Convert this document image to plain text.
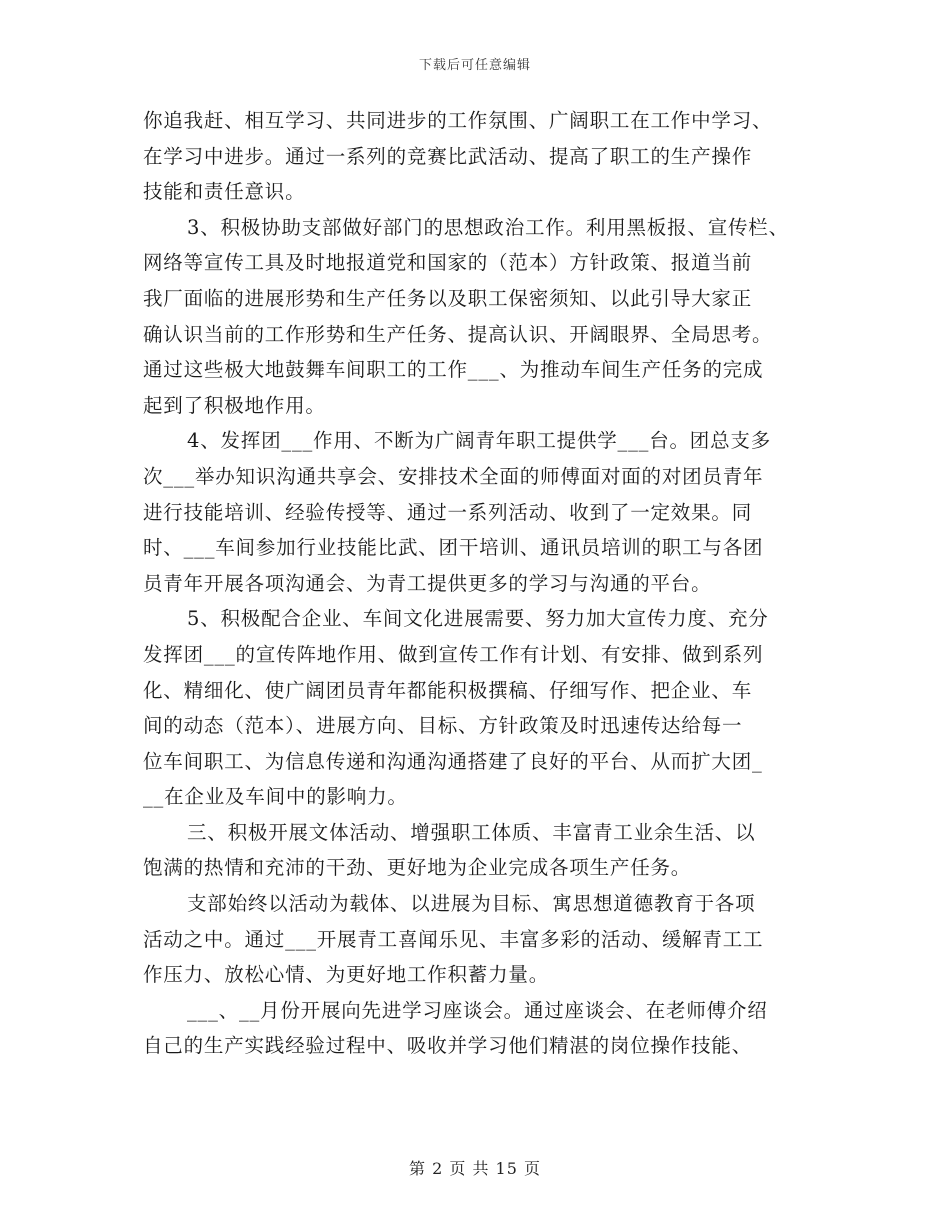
下载后可任意编辑
你追我赶、相互学习、共同进步的工作氛围、广阔职工在工作中学习、
在学习中进步。通过一系列的竞赛比武活动、提高了职工的生产操作
技能和责任意识。
3、积极协助支部做好部门的思想政治工作。利用黑板报、宣传栏、
网络等宣传工具及时地报道党和国家的（范本）方针政策、报道当前
我厂面临的进展形势和生产任务以及职工保密须知、以此引导大家正
确认识当前的工作形势和生产任务、提高认识、开阔眼界、全局思考。
通过这些极大地鼓舞车间职工的工作___、为推动车间生产任务的完成
起到了积极地作用。
4、发挥团___作用、不断为广阔青年职工提供学___台。团总支多
次___举办知识沟通共享会、安排技术全面的师傅面对面的对团员青年
进行技能培训、经验传授等、通过一系列活动、收到了一定效果。同
时、___车间参加行业技能比武、团干培训、通讯员培训的职工与各团
员青年开展各项沟通会、为青工提供更多的学习与沟通的平台。
5、积极配合企业、车间文化进展需要、努力加大宣传力度、充分
发挥团___的宣传阵地作用、做到宣传工作有计划、有安排、做到系列
化、精细化、使广阔团员青年都能积极撰稿、仔细写作、把企业、车
间的动态（范本）、进展方向、目标、方针政策及时迅速传达给每一
位车间职工、为信息传递和沟通沟通搭建了良好的平台、从而扩大团_
__在企业及车间中的影响力。
三、积极开展文体活动、增强职工体质、丰富青工业余生活、以
饱满的热情和充沛的干劲、更好地为企业完成各项生产任务。
支部始终以活动为载体、以进展为目标、寓思想道德教育于各项
活动之中。通过___开展青工喜闻乐见、丰富多彩的活动、缓解青工工
作压力、放松心情、为更好地工作积蓄力量。
___、__月份开展向先进学习座谈会。通过座谈会、在老师傅介绍
自己的生产实践经验过程中、吸收并学习他们精湛的岗位操作技能、
第 2 页 共 15 页
